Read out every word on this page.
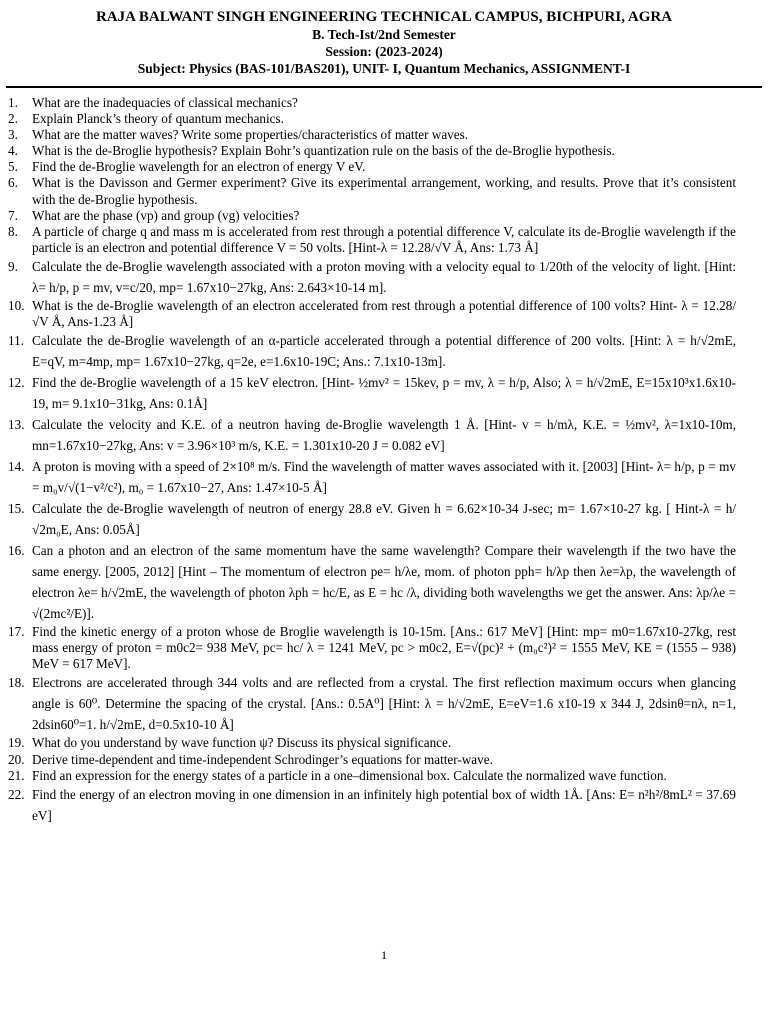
RAJA BALWANT SINGH ENGINEERING TECHNICAL CAMPUS, BICHPURI, AGRA
B. Tech-Ist/2nd Semester
Session: (2023-2024)
Subject: Physics (BAS-101/BAS201), UNIT- I, Quantum Mechanics, ASSIGNMENT-I
1.	What are the inadequacies of classical mechanics?
2.	Explain Planck’s theory of quantum mechanics.
3.	What are the matter waves? Write some properties/characteristics of matter waves.
4.	What is the de-Broglie hypothesis? Explain Bohr’s quantization rule on the basis of the de-Broglie hypothesis.
5.	Find the de-Broglie wavelength for an electron of energy V eV.
6.	What is the Davisson and Germer experiment? Give its experimental arrangement, working, and results. Prove that it’s consistent with the de-Broglie hypothesis.
7.	What are the phase (vp) and group (vg) velocities?
8.	A particle of charge q and mass m is accelerated from rest through a potential difference V, calculate its de-Broglie wavelength if the particle is an electron and potential difference V = 50 volts. [Hint-λ = 12.28/√V Å, Ans: 1.73 Å]
9.	Calculate the de-Broglie wavelength associated with a proton moving with a velocity equal to 1/20th of the velocity of light. [Hint: λ= h/p, p = mv, v=c/20, mp= 1.67x10−27kg, Ans: 2.643×10-14 m].
10. What is the de-Broglie wavelength of an electron accelerated from rest through a potential difference of 100 volts? Hint- λ = 12.28/√V Å, Ans-1.23 Å]
11. Calculate the de-Broglie wavelength of an α-particle accelerated through a potential difference of 200 volts. [Hint: λ = h/√2mE, E=qV, m=4mp, mp= 1.67x10−27kg, q=2e, e=1.6x10-19C; Ans.: 7.1x10-13m].
12. Find the de-Broglie wavelength of a 15 keV electron. [Hint- ½mv² = 15kev, p = mv, λ = h/p, Also; λ = h/√2mE, E=15x10³x1.6x10-19, m= 9.1x10−31kg, Ans: 0.1Å]
13. Calculate the velocity and K.E. of a neutron having de-Broglie wavelength 1 Å. [Hint- v = h/mλ, K.E. = ½mv², λ=1x10-10m, mn=1.67x10−27kg, Ans: v = 3.96×10³ m/s, K.E. = 1.301x10-20 J = 0.082 eV]
14. A proton is moving with a speed of 2×10⁸ m/s. Find the wavelength of matter waves associated with it. [2003] [Hint- λ= h/p, p = mv = m₀v/√(1−v²/c²), m₀ = 1.67x10−27, Ans: 1.47×10-5 Å]
15. Calculate the de-Broglie wavelength of neutron of energy 28.8 eV. Given h = 6.62×10-34 J-sec; m= 1.67×10-27 kg. [ Hint-λ = h/√2m₀E, Ans: 0.05Å]
16. Can a photon and an electron of the same momentum have the same wavelength? Compare their wavelength if the two have the same energy. [2005, 2012] [Hint – The momentum of electron pe= h/λe, mom. of photon pph= h/λp then λe=λp, the wavelength of electron λe= h/√2mE, the wavelength of photon λph = hc/E, as E = hc /λ, dividing both wavelengths we get the answer. Ans: λp/λe = √(2mc²/E)].
17. Find the kinetic energy of a proton whose de Broglie wavelength is 10-15m. [Ans.: 617 MeV] [Hint: mp= m0=1.67x10-27kg, rest mass energy of proton = m0c2= 938 MeV, pc= hc/ λ = 1241 MeV, pc > m0c2, E=√(pc)² + (m₀c²)² = 1555 MeV, KE = (1555 – 938) MeV = 617 MeV].
18. Electrons are accelerated through 344 volts and are reflected from a crystal. The first reflection maximum occurs when glancing angle is 60⁰. Determine the spacing of the crystal. [Ans.: 0.5A⁰] [Hint: λ = h/√2mE, E=eV=1.6 x10-19 x 344 J, 2dsinθ=nλ, n=1, 2dsin60⁰=1. h/√2mE, d=0.5x10-10 Å]
19. What do you understand by wave function ψ? Discuss its physical significance.
20. Derive time-dependent and time-independent Schrodinger’s equations for matter-wave.
21. Find an expression for the energy states of a particle in a one–dimensional box. Calculate the normalized wave function.
22. Find the energy of an electron moving in one dimension in an infinitely high potential box of width 1Å. [Ans: E= n²h²/8mL² = 37.69 eV]
1
